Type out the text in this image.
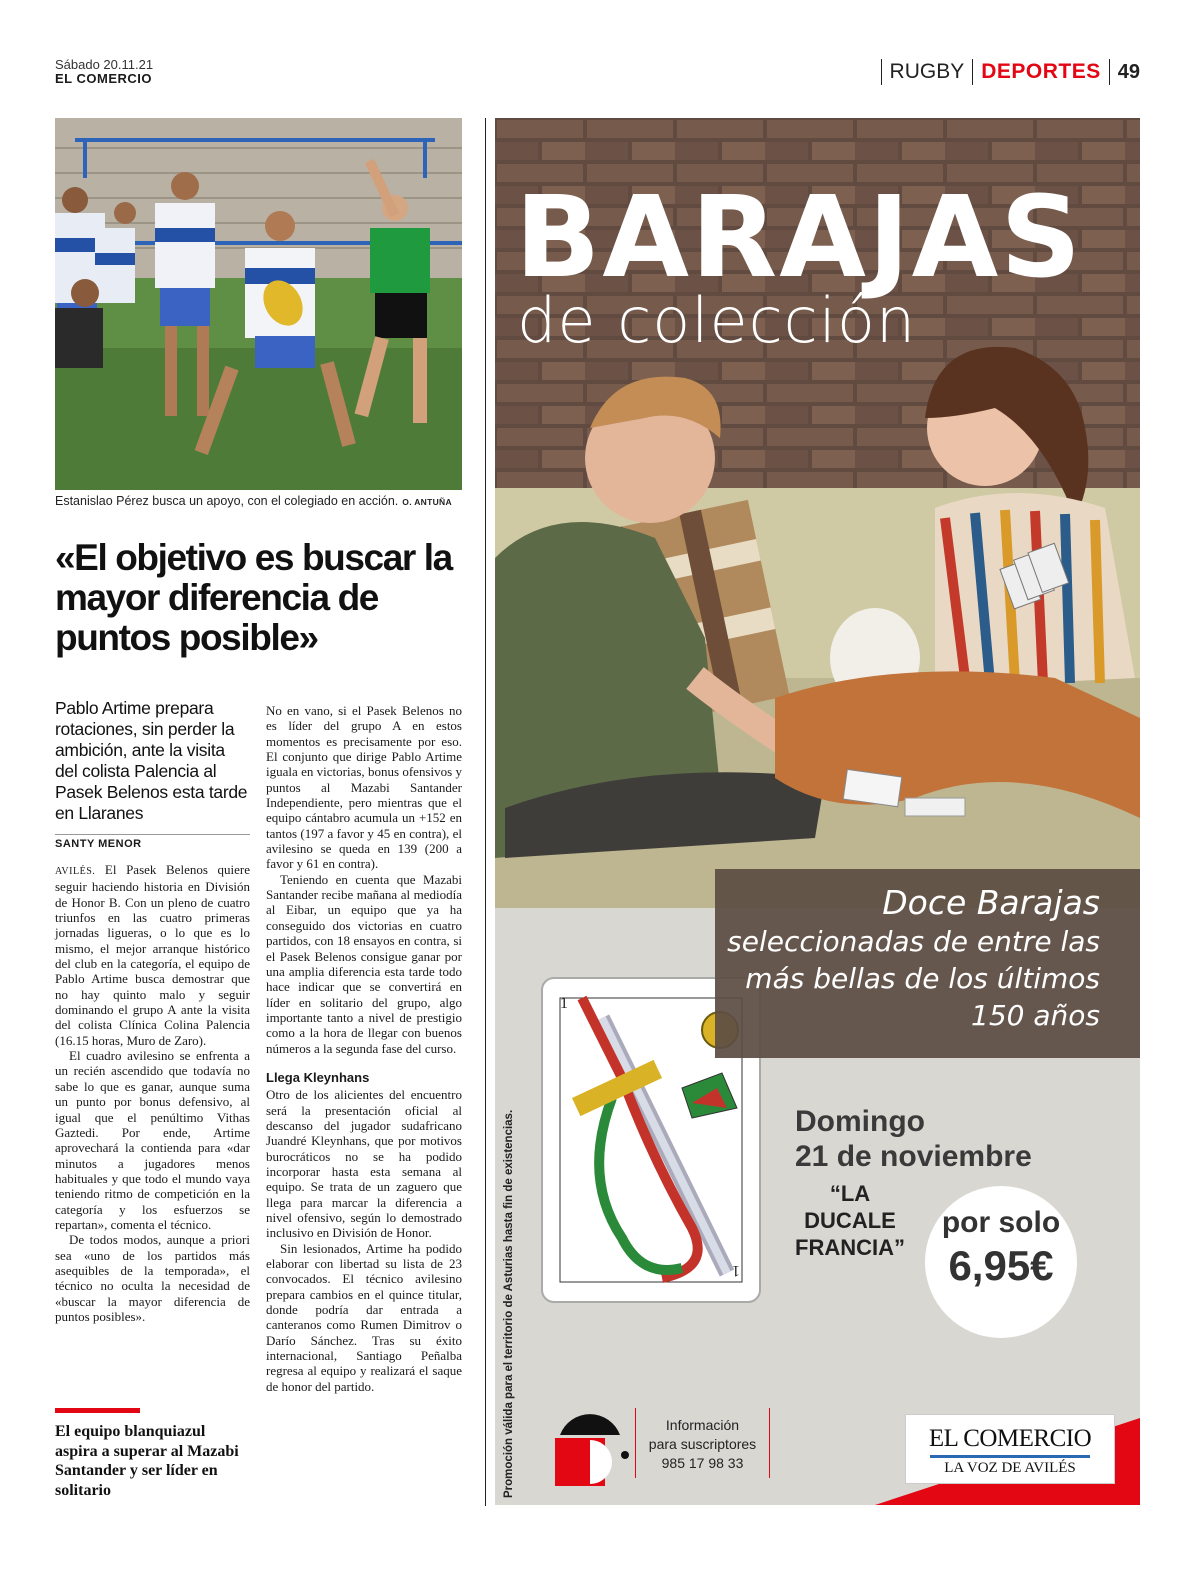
Sábado 20.11.21
EL COMERCIO	RUGBY DEPORTES 49
Estanislao Pérez busca un apoyo, con el colegiado en acción. O. ANTUÑA
«El objetivo es buscar la mayor diferencia de puntos posible»
Pablo Artime prepara rotaciones, sin perder la ambición, ante la visita del colista Palencia al Pasek Belenos esta tarde en Llaranes
SANTY MENOR

AVILÉS. El Pasek Belenos quiere seguir haciendo historia en División de Honor B. Con un pleno de cuatro triunfos en las cuatro primeras jornadas ligueras, o lo que es lo mismo, el mejor arranque histórico del club en la categoría, el equipo de Pablo Artime busca demostrar que no hay quinto malo y seguir dominando el grupo A ante la visita del colista Clínica Colina Palencia (16.15 horas, Muro de Zaro).

El cuadro avilesino se enfrenta a un recién ascendido que todavía no sabe lo que es ganar, aunque suma un punto por bonus defensivo, al igual que el penúltimo Vithas Gaztedi. Por ende, Artime aprovechará la contienda para «dar minutos a jugadores menos habituales y que todo el mundo vaya teniendo ritmo de competición en la categoría y los esfuerzos se repartan», comenta el técnico.

De todos modos, aunque a priori sea «uno de los partidos más asequibles de la temporada», el técnico no oculta la necesidad de «buscar la mayor diferencia de puntos posibles».

No en vano, si el Pasek Belenos no es líder del grupo A en estos momentos es precisamente por eso. El conjunto que dirige Pablo Artime iguala en victorias, bonus ofensivos y puntos al Mazabi Santander Independiente, pero mientras que el equipo cántabro acumula un +152 en tantos (197 a favor y 45 en contra), el avilesino se queda en 139 (200 a favor y 61 en contra).

Teniendo en cuenta que Mazabi Santander recibe mañana al mediodía al Eibar, un equipo que ya ha conseguido dos victorias en cuatro partidos, con 18 ensayos en contra, si el Pasek Belenos consigue ganar por una amplia diferencia esta tarde todo hace indicar que se convertirá en líder en solitario del grupo, algo importante tanto a nivel de prestigio como a la hora de llegar con buenos números a la segunda fase del curso.

Llega Kleynhans

Otro de los alicientes del encuentro será la presentación oficial al descanso del jugador sudafricano Juandré Kleynhans, que por motivos burocráticos no se ha podido incorporar hasta esta semana al equipo. Se trata de un zaguero que llega para marcar la diferencia a nivel ofensivo, según lo demostrado inclusivo en División de Honor.

Sin lesionados, Artime ha podido elaborar con libertad su lista de 23 convocados. El técnico avilesino prepara cambios en el quince titular, donde podría dar entrada a canteranos como Rumen Dimitrov o Darío Sánchez. Tras su éxito internacional, Santiago Peñalba regresa al equipo y realizará el saque de honor del partido.

El equipo blanquiazul aspira a superar al Mazabi Santander y ser líder en solitario
1
1
BARAJAS
de colección
Doce Barajas
seleccionadas de entre las más bellas de los últimos 150 años
Domingo
21 de noviembre
“LA DUCALE FRANCIA”
por solo
6,95€
Promoción válida para el territorio de Asturias hasta fin de existencias.	Información
para suscriptores
985 17 98 33
EL COMERCIO
LA VOZ DE AVILÉS
